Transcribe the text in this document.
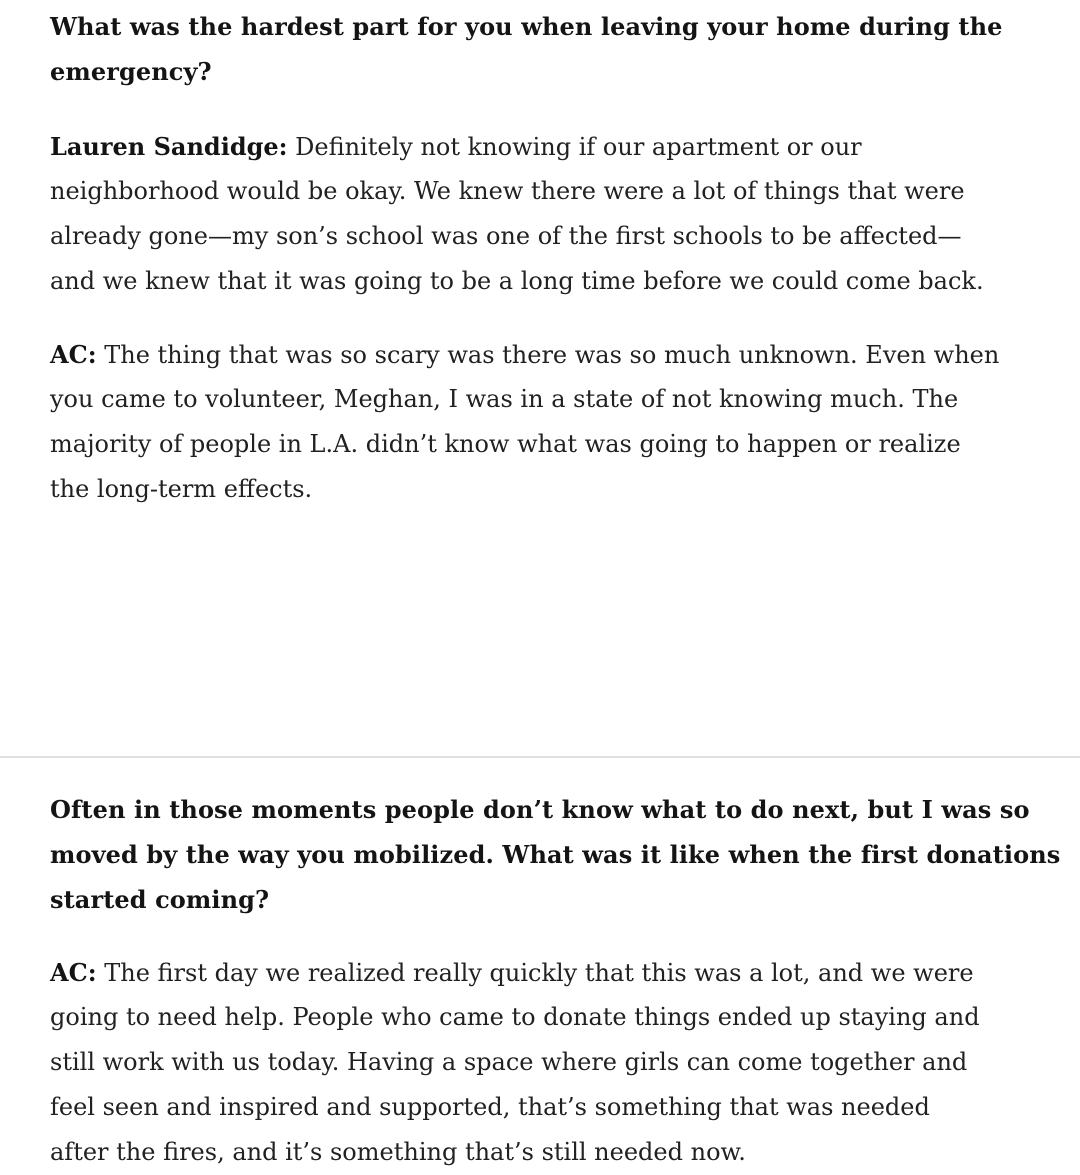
What was the hardest part for you when leaving your home during the
emergency?
Lauren Sandidge: Definitely not knowing if our apartment or our
neighborhood would be okay. We knew there were a lot of things that were
already gone—my son’s school was one of the first schools to be affected—
and we knew that it was going to be a long time before we could come back.
AC: The thing that was so scary was there was so much unknown. Even when
you came to volunteer, Meghan, I was in a state of not knowing much. The
majority of people in L.A. didn’t know what was going to happen or realize
the long-term effects.
Often in those moments people don’t know what to do next, but I was so
moved by the way you mobilized. What was it like when the first donations
started coming?
AC: The first day we realized really quickly that this was a lot, and we were
going to need help. People who came to donate things ended up staying and
still work with us today. Having a space where girls can come together and
feel seen and inspired and supported, that’s something that was needed
after the fires, and it’s something that’s still needed now.
